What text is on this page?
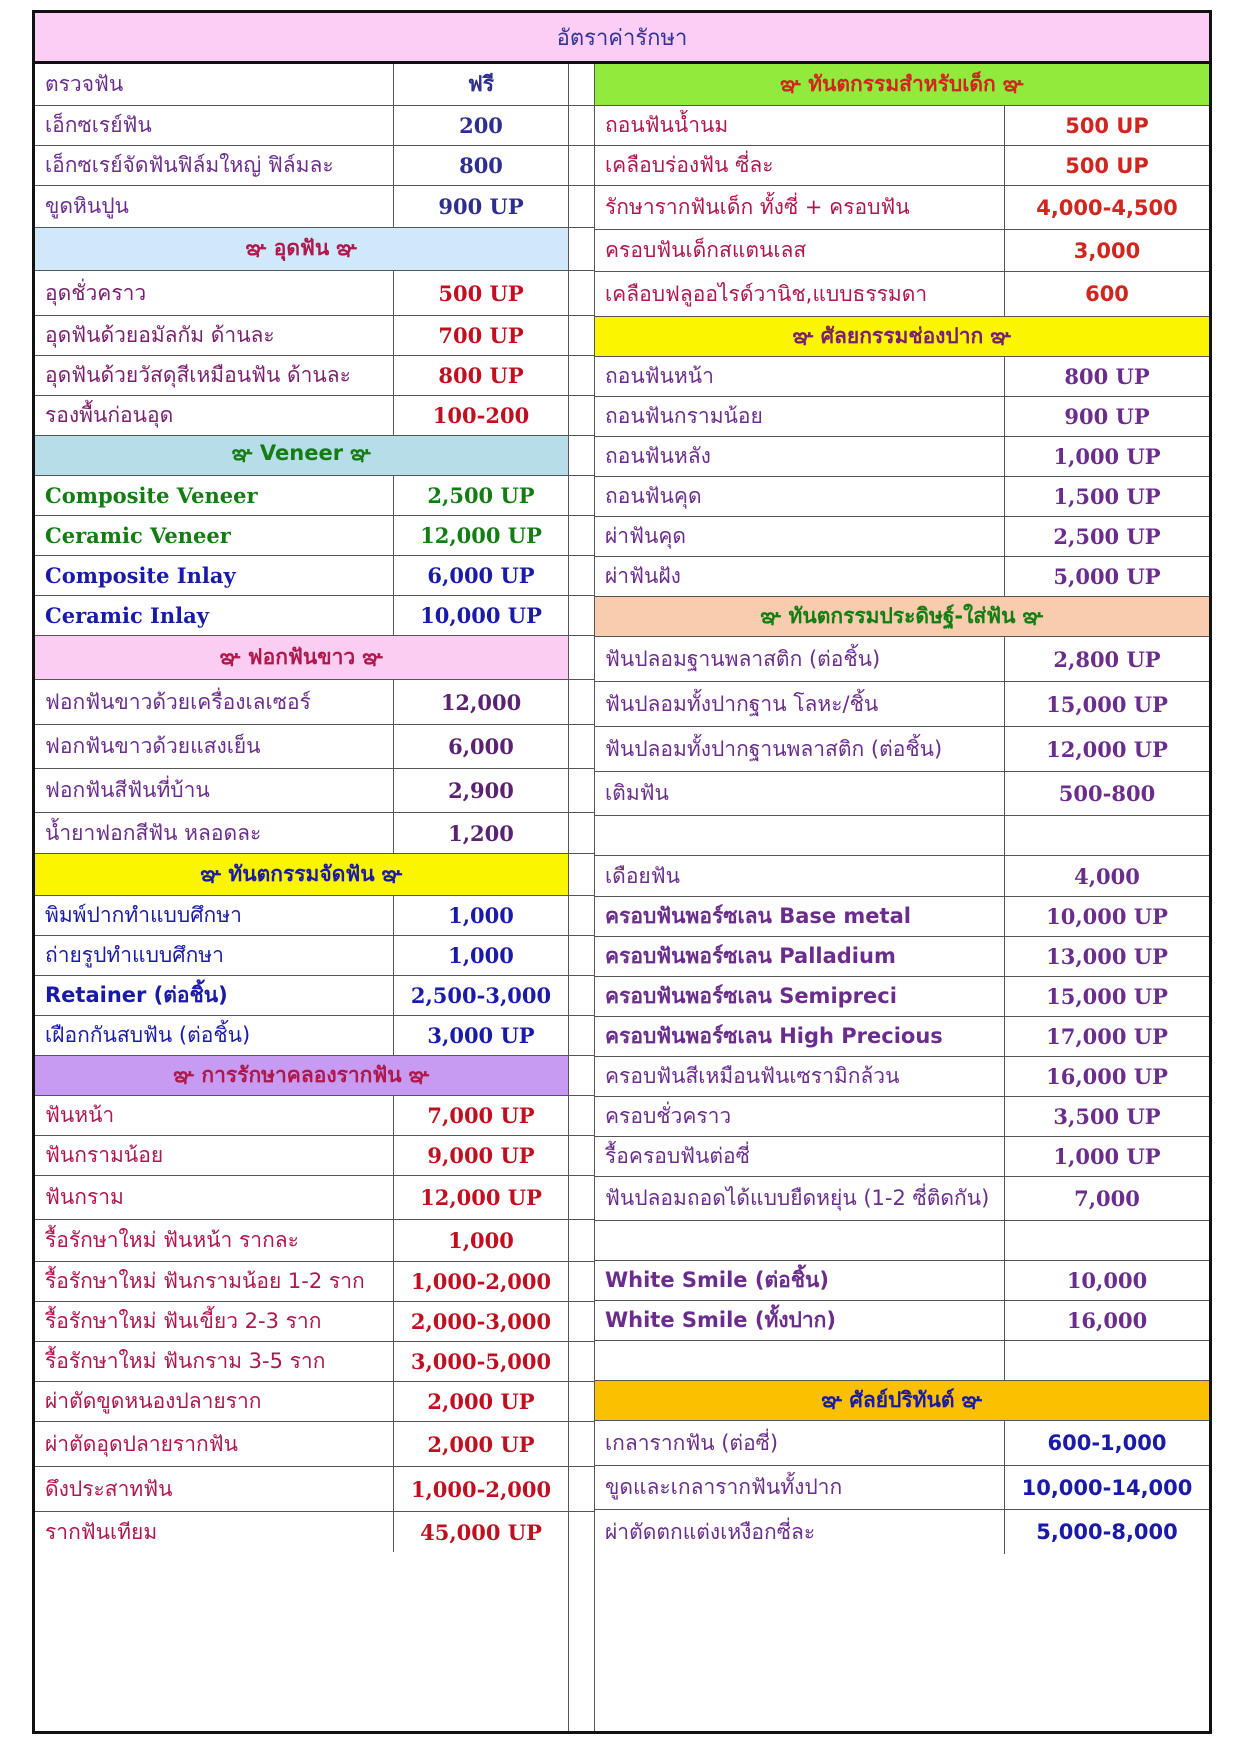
อัตราค่ารักษา
ตรวจฟัน	ฟรี
เอ็กซเรย์ฟัน	200
เอ็กซเรย์จัดฟันฟิล์มใหญ่ ฟิล์มละ	800
ขูดหินปูน	900 UP
ఞ อุดฟัน ఞ
อุดชั่วคราว	500 UP
อุดฟันด้วยอมัลกัม ด้านละ	700 UP
อุดฟันด้วยวัสดุสีเหมือนฟัน ด้านละ	800 UP
รองพื้นก่อนอุด	100-200
ఞ Veneer ఞ
Composite Veneer	2,500 UP
Ceramic Veneer	12,000 UP
Composite Inlay	6,000 UP
Ceramic Inlay	10,000 UP
ఞ ฟอกฟันขาว ఞ
ฟอกฟันขาวด้วยเครื่องเลเซอร์	12,000
ฟอกฟันขาวด้วยแสงเย็น	6,000
ฟอกฟันสีฟันที่บ้าน	2,900
น้ำยาฟอกสีฟัน หลอดละ	1,200
ఞ ทันตกรรมจัดฟัน ఞ
พิมพ์ปากทำแบบศึกษา	1,000
ถ่ายรูปทำแบบศึกษา	1,000
Retainer (ต่อชิ้น)	2,500-3,000
เฝือกกันสบฟัน (ต่อชิ้น)	3,000 UP
ఞ การรักษาคลองรากฟัน ఞ
ฟันหน้า	7,000 UP
ฟันกรามน้อย	9,000 UP
ฟันกราม	12,000 UP
รื้อรักษาใหม่ ฟันหน้า รากละ	1,000
รื้อรักษาใหม่ ฟันกรามน้อย 1-2 ราก	1,000-2,000
รื้อรักษาใหม่ ฟันเขี้ยว 2-3 ราก	2,000-3,000
รื้อรักษาใหม่ ฟันกราม 3-5 ราก	3,000-5,000
ผ่าตัดขูดหนองปลายราก	2,000 UP
ผ่าตัดอุดปลายรากฟัน	2,000 UP
ดึงประสาทฟัน	1,000-2,000
รากฟันเทียม	45,000 UP
ఞ ทันตกรรมสำหรับเด็ก ఞ
ถอนฟันน้ำนม	500 UP
เคลือบร่องฟัน ซี่ละ	500 UP
รักษารากฟันเด็ก ทั้งซี่ + ครอบฟัน	4,000-4,500
ครอบฟันเด็กสแตนเลส	3,000
เคลือบฟลูออไรด์วานิช,แบบธรรมดา	600
ఞ ศัลยกรรมช่องปาก ఞ
ถอนฟันหน้า	800 UP
ถอนฟันกรามน้อย	900 UP
ถอนฟันหลัง	1,000 UP
ถอนฟันคุด	1,500 UP
ผ่าฟันคุด	2,500 UP
ผ่าฟันฝัง	5,000 UP
ఞ ทันตกรรมประดิษฐ์-ใส่ฟัน ఞ
ฟันปลอมฐานพลาสติก (ต่อชิ้น)	2,800 UP
ฟันปลอมทั้งปากฐาน โลหะ/ชิ้น	15,000 UP
ฟันปลอมทั้งปากฐานพลาสติก (ต่อชิ้น)	12,000 UP
เติมฟัน	500-800
เดือยฟัน	4,000
ครอบฟันพอร์ซเลน Base metal	10,000 UP
ครอบฟันพอร์ซเลน Palladium	13,000 UP
ครอบฟันพอร์ซเลน Semipreci	15,000 UP
ครอบฟันพอร์ซเลน High Precious	17,000 UP
ครอบฟันสีเหมือนฟันเซรามิกล้วน	16,000 UP
ครอบชั่วคราว	3,500 UP
รื้อครอบฟันต่อซี่	1,000 UP
ฟันปลอมถอดได้แบบยืดหยุ่น (1-2 ซี่ติดกัน)	7,000
White Smile (ต่อชิ้น)	10,000
White Smile (ทั้งปาก)	16,000
ఞ ศัลย์ปริทันต์ ఞ
เกลารากฟัน (ต่อซี่)	600-1,000
ขูดและเกลารากฟันทั้งปาก	10,000-14,000
ผ่าตัดตกแต่งเหงือกซี่ละ	5,000-8,000
